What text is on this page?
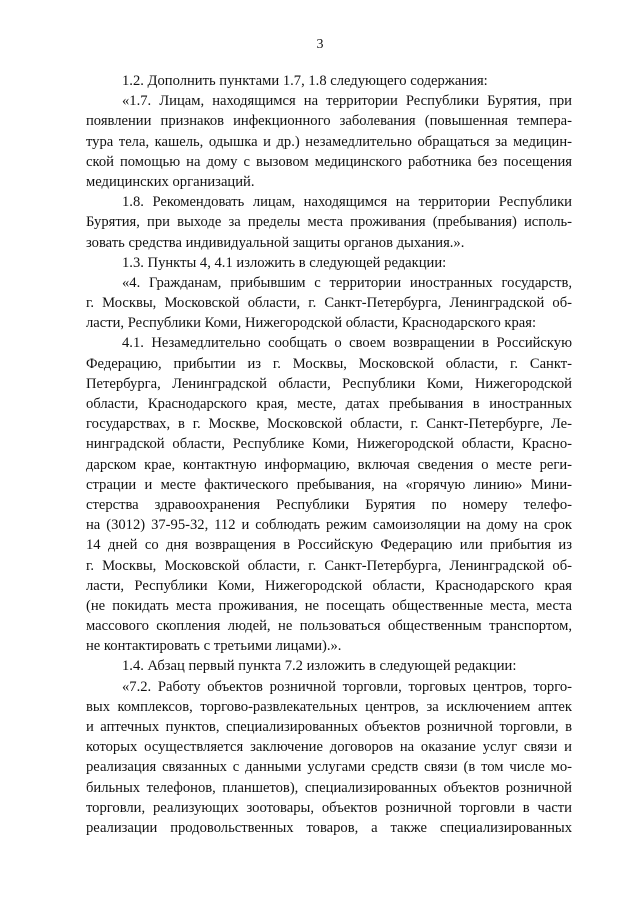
3
1.2. Дополнить пунктами 1.7, 1.8 следующего содержания:
«1.7. Лицам, находящимся на территории Республики Бурятия, при
появлении признаков инфекционного заболевания (повышенная темпера-
тура тела, кашель, одышка и др.) незамедлительно обращаться за медицин-
ской помощью на дому с вызовом медицинского работника без посещения
медицинских организаций.
1.8. Рекомендовать лицам, находящимся на территории Республики
Бурятия, при выходе за пределы места проживания (пребывания) исполь-
зовать средства индивидуальной защиты органов дыхания.».
1.3. Пункты 4, 4.1 изложить в следующей редакции:
«4. Гражданам, прибывшим с территории иностранных государств,
г. Москвы, Московской области, г. Санкт-Петербурга, Ленинградской об-
ласти, Республики Коми, Нижегородской области, Краснодарского края:
4.1. Незамедлительно сообщать о своем возвращении в Российскую
Федерацию, прибытии из г. Москвы, Московской области, г. Санкт-
Петербурга, Ленинградской области, Республики Коми, Нижегородской
области, Краснодарского края, месте, датах пребывания в иностранных
государствах, в г. Москве, Московской области, г. Санкт-Петербурге, Ле-
нинградской области, Республике Коми, Нижегородской области, Красно-
дарском крае, контактную информацию, включая сведения о месте реги-
страции и месте фактического пребывания, на «горячую линию» Мини-
стерства здравоохранения Республики Бурятия по номеру телефо-
на (3012) 37-95-32, 112 и соблюдать режим самоизоляции на дому на срок
14 дней со дня возвращения в Российскую Федерацию или прибытия из
г. Москвы, Московской области, г. Санкт-Петербурга, Ленинградской об-
ласти, Республики Коми, Нижегородской области, Краснодарского края
(не покидать места проживания, не посещать общественные места, места
массового скопления людей, не пользоваться общественным транспортом,
не контактировать с третьими лицами).».
1.4. Абзац первый пункта 7.2 изложить в следующей редакции:
«7.2. Работу объектов розничной торговли, торговых центров, торго-
вых комплексов, торгово-развлекательных центров, за исключением аптек
и аптечных пунктов, специализированных объектов розничной торговли, в
которых осуществляется заключение договоров на оказание услуг связи и
реализация связанных с данными услугами средств связи (в том числе мо-
бильных телефонов, планшетов), специализированных объектов розничной
торговли, реализующих зоотовары, объектов розничной торговли в части
реализации продовольственных товаров, а также специализированных
